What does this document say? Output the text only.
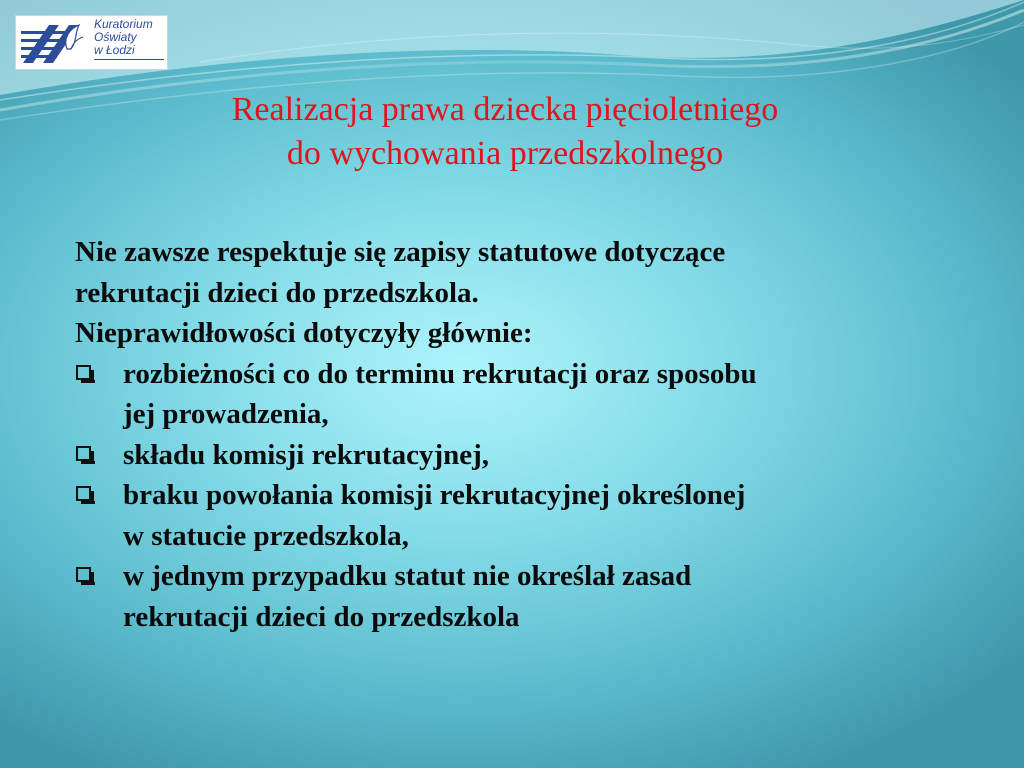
Kuratorium
Oświaty
w Łodzi
Realizacja prawa dziecka pięcioletniego
do wychowania przedszkolnego
Nie zawsze respektuje się zapisy statutowe dotyczące
rekrutacji dzieci do przedszkola.
Nieprawidłowości dotyczyły głównie:
rozbieżności co do terminu rekrutacji oraz sposobu
jej prowadzenia,
składu komisji rekrutacyjnej,
braku powołania komisji rekrutacyjnej określonej
w statucie przedszkola,
w jednym przypadku statut nie określał zasad
rekrutacji dzieci do przedszkola
